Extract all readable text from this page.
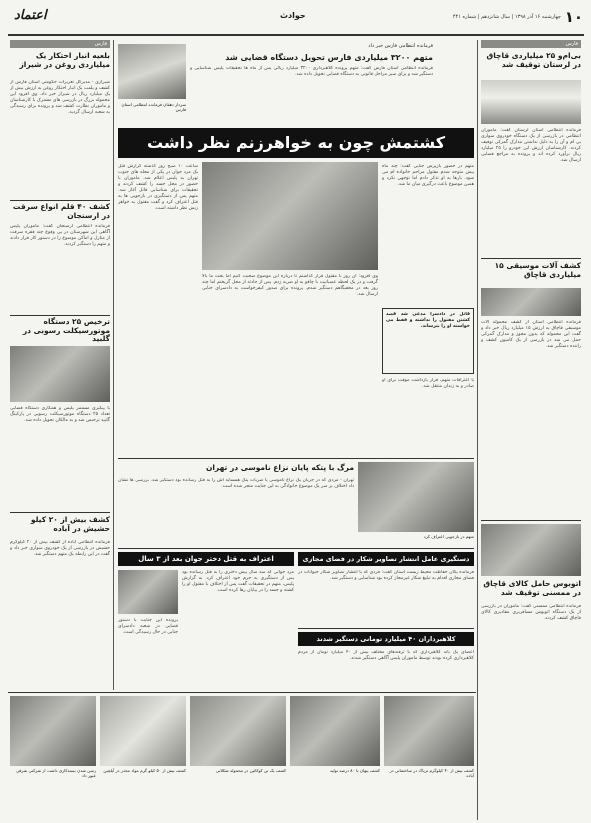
۱۰
چهارشنبه ۱۶ آذر ۱۳۹۸ | سال شانزدهم | شماره ۴۴۱
حوادث
اعتماد
فارس
بلعیه انبار احتکار یک میلیاردی روغن در شیراز
شیرازی - مدیرکل تعزیرات حکومتی استان فارس از کشف و پلمب یک انبار احتکار روغن به ارزش بیش از یک میلیارد ریال در شیراز خبر داد. وی افزود این محموله بزرگ در بازرسی های مشترک با کارشناسان و ماموران نظارت کشف شد و پرونده برای رسیدگی به شعبه ارسال گردید.
کشف ۴۰ قلم انواع سرقت در ارسنجان
فرمانده انتظامی ارسنجان گفت: ماموران پلیس آگاهی این شهرستان در پی وقوع چند فقره سرقت از منازل و اماکن موضوع را در دستور کار قرار دادند و متهم را دستگیر کردند.
ترخیص ۲۵ دستگاه موتورسیکلت رسوبی در گلبید
با پیگیری مستمر پلیس و همکاری دستگاه قضایی تعداد ۲۵ دستگاه موتورسیکلت رسوبی در پارکینگ گلبید ترخیص شد و به مالکان تحویل داده شد.
کشف بیش از ۲۰ کیلو حشیش در آباده
فرمانده انتظامی آباده از کشف بیش از ۲۰ کیلوگرم حشیش در بازرسی از یک خودروی سواری خبر داد و گفت در این رابطه یک متهم دستگیر شد.
فرمانده انتظامی فارس خبر داد
متهم ۳۲۰۰ میلیاردی فارس تحویل دستگاه قضایی شد
فرمانده انتظامی استان فارس گفت: متهم پرونده کلاهبرداری ۳۲۰۰ میلیارد ریالی پس از ماه ها تحقیقات پلیس شناسایی و دستگیر شد و برای سیر مراحل قانونی به دستگاه قضایی تحویل داده شد.
سردار دهقان فرمانده انتظامی استان فارس
کشتمش چون به خواهرزنم نظر داشت
ساعت ۱۰ صبح روز گذشته گزارش قتل یک مرد جوان در یکی از محله های جنوب تهران به پلیس اعلام شد. ماموران با حضور در محل جسد را کشف کردند و تحقیقات برای شناسایی قاتل آغاز شد. متهم پس از دستگیری در بازجویی ها به قتل اعتراف کرد و گفت مقتول به خواهر زنش نظر داشته است.
متهم در حضور بازپرس جنایی گفت: چند ماه پیش متوجه شدم مقتول مزاحم خانواده ام می شود. بارها به او تذکر دادم اما توجهی نکرد و همین موضوع باعث درگیری میان ما شد.
وی افزود: آن روز با مقتول قرار گذاشتم تا درباره این موضوع صحبت کنیم اما بحث ما بالا گرفت و در یک لحظه عصبانیت با چاقو به او ضربه زدم. پس از حادثه از محل گریختم اما چند روز بعد در مخفیگاهم دستگیر شدم. پرونده برای صدور کیفرخواست به دادسرای جنایی ارسال شد.
قاتل در دادسرا مدعی شد قصد کشتن مقتول را نداشته و فقط می خواسته او را بترساند.
با اعترافات متهم، قرار بازداشت موقت برای او صادر و به زندان منتقل شد.
فارس
بی‌ام‌و ۲۵ میلیاردی قاچاق در لرستان توقیف شد
فرمانده انتظامی استان لرستان گفت: ماموران انتظامی در بازرسی از یک دستگاه خودروی سواری بی ام و آن را به دلیل نداشتن مدارک گمرکی توقیف کردند. کارشناسان ارزش این خودرو را ۲۵ میلیارد ریال برآورد کرده اند و پرونده به مراجع قضایی ارسال شد.
کشف آلات موسیقی ۱۵ میلیاردی قاچاق
فرمانده انتظامی استان از کشف محموله آلات موسیقی قاچاق به ارزش ۱۵ میلیارد ریال خبر داد و گفت این محموله که بدون مجوز و مدارک گمرکی حمل می شد در بازرسی از یک کامیون کشف و راننده دستگیر شد.
اتوبوس حامل کالای قاچاق در ممسنی توقیف شد
فرمانده انتظامی ممسنی گفت: ماموران در بازرسی از یک دستگاه اتوبوس مسافربری مقادیری کالای قاچاق کشف کردند.
مرگ با پتکه پایان نزاع ناموسی در تهران
تهران - مردی که در جریان یک نزاع ناموسی با ضربات پتک همسایه اش را به قتل رسانده بود دستگیر شد. بررسی ها نشان داد اختلاف بر سر یک موضوع خانوادگی به این جنایت منجر شده است.
متهم در بازجویی اعتراف کرد
اعتراف به قتل دختر جوان بعد از ۳ سال
مرد جوانی که سه سال پیش دختری را به قتل رسانده بود پس از دستگیری به جرم خود اعتراف کرد. به گزارش پلیس، متهم در تحقیقات گفت پس از اختلاف با مقتول او را کشته و جسد را در بیابان رها کرده است.
پرونده این جنایت با دستور قضایی در شعبه دادسرای جنایی در حال رسیدگی است.
دستگیری عامل انتشار تصاویر شکار در فضای مجازی
فرمانده یگان حفاظت محیط زیست استان گفت: فردی که با انتشار تصاویر شکار حیوانات در فضای مجازی اقدام به تبلیغ شکار غیرمجاز کرده بود شناسایی و دستگیر شد.
کلاهبرداران ۴۰ میلیارد تومانی دستگیر شدند
اعضای یک باند کلاهبرداری که با ترفندهای مختلف بیش از ۴۰ میلیارد تومان از مردم کلاهبرداری کرده بودند توسط ماموران پلیس آگاهی دستگیر شدند.
زمین شدن بسته‌کاری داشت از شرکتی شرقی عبور داد
کشف بیش از ۵۰ کیلو گرم مواد مخدر در آیلچین	کشف یک تن کوکائین در محموله شکلاتی	کشف پنهان تا ۸۰ درصد تولید	کشف بیش از ۴۰ کیلوگرم تریاک در ساختمانی در آباده
